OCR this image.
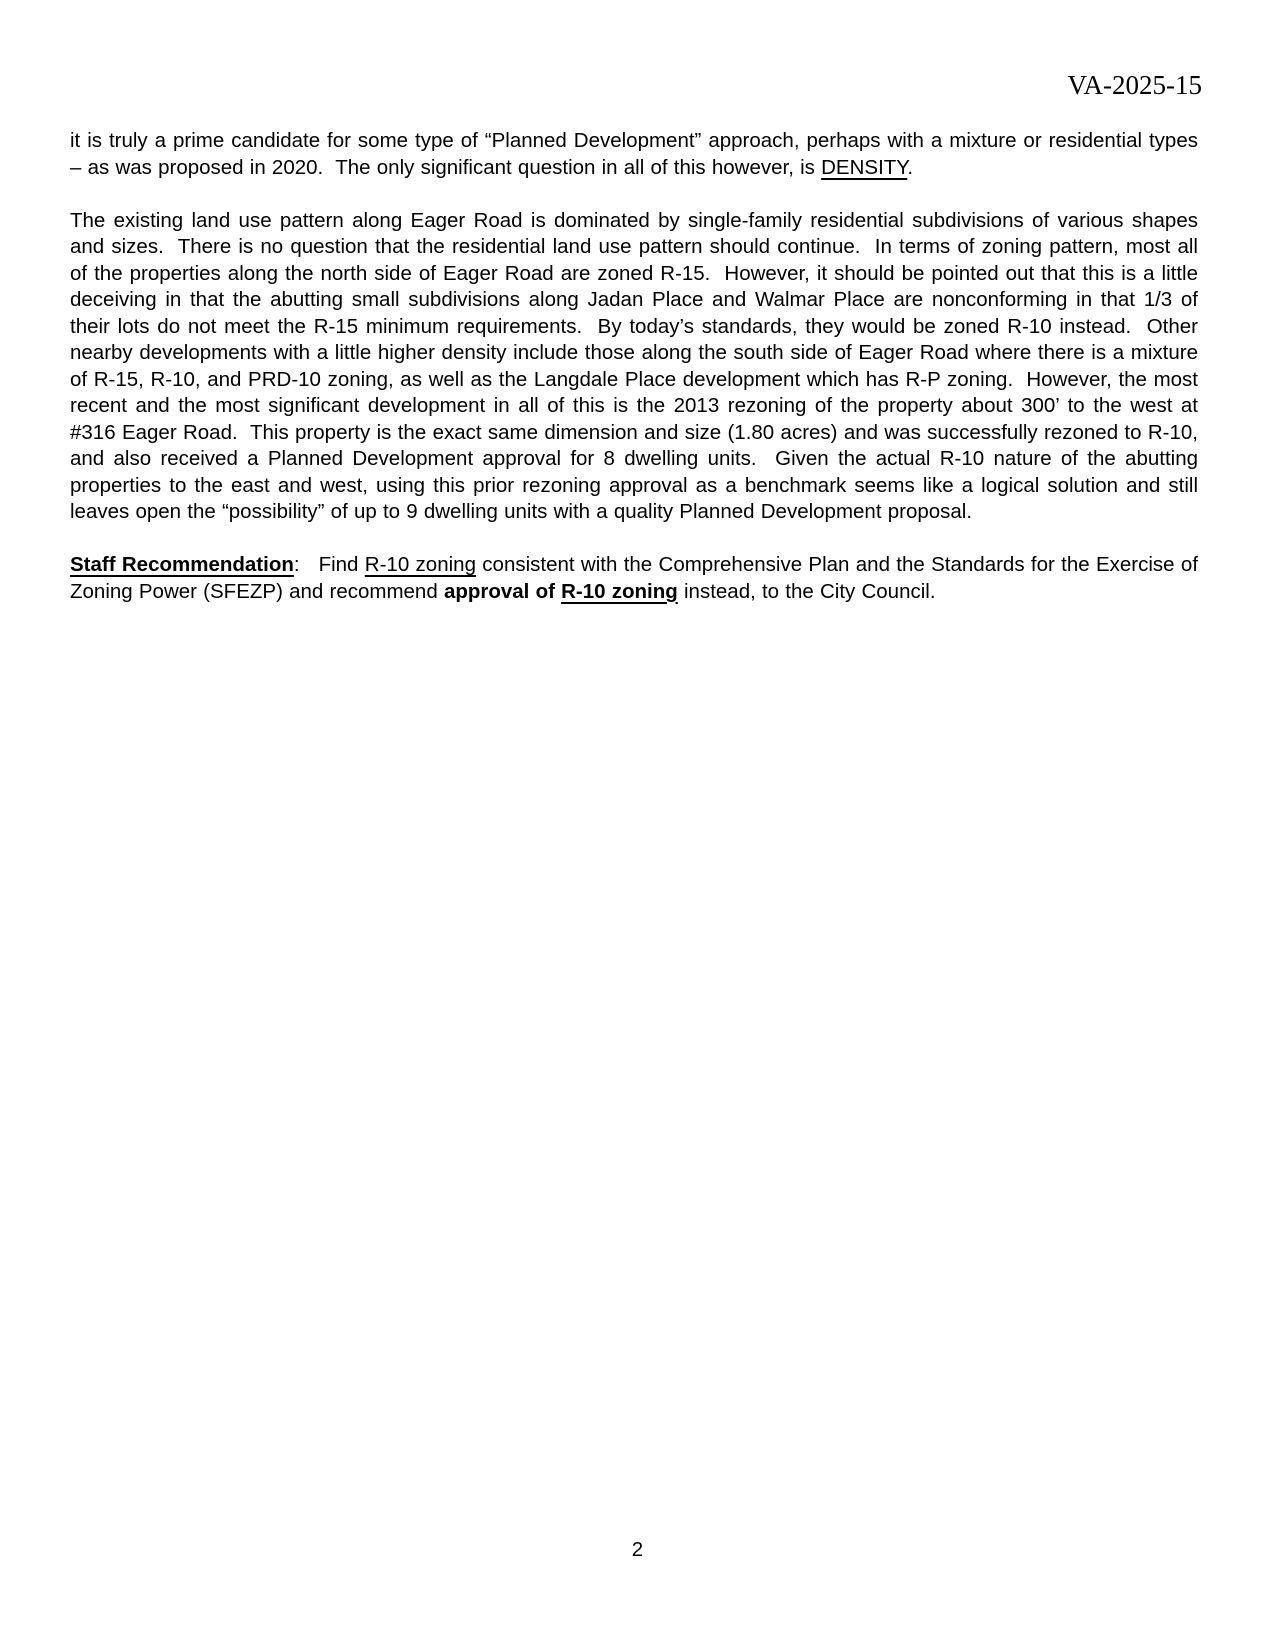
VA-2025-15

it is truly a prime candidate for some type of “Planned Development” approach, perhaps with a mixture or residential types – as was proposed in 2020.  The only significant question in all of this however, is DENSITY.

The existing land use pattern along Eager Road is dominated by single-family residential subdivisions of various shapes and sizes.  There is no question that the residential land use pattern should continue.  In terms of zoning pattern, most all of the properties along the north side of Eager Road are zoned R-15.  However, it should be pointed out that this is a little deceiving in that the abutting small subdivisions along Jadan Place and Walmar Place are nonconforming in that 1/3 of their lots do not meet the R-15 minimum requirements.  By today’s standards, they would be zoned R-10 instead.  Other nearby developments with a little higher density include those along the south side of Eager Road where there is a mixture of R-15, R-10, and PRD-10 zoning, as well as the Langdale Place development which has R-P zoning.  However, the most recent and the most significant development in all of this is the 2013 rezoning of the property about 300’ to the west at #316 Eager Road.  This property is the exact same dimension and size (1.80 acres) and was successfully rezoned to R-10, and also received a Planned Development approval for 8 dwelling units.  Given the actual R-10 nature of the abutting properties to the east and west, using this prior rezoning approval as a benchmark seems like a logical solution and still leaves open the “possibility” of up to 9 dwelling units with a quality Planned Development proposal.

Staff Recommendation:   Find R-10 zoning consistent with the Comprehensive Plan and the Standards for the Exercise of Zoning Power (SFEZP) and recommend approval of R-10 zoning instead, to the City Council.

2
